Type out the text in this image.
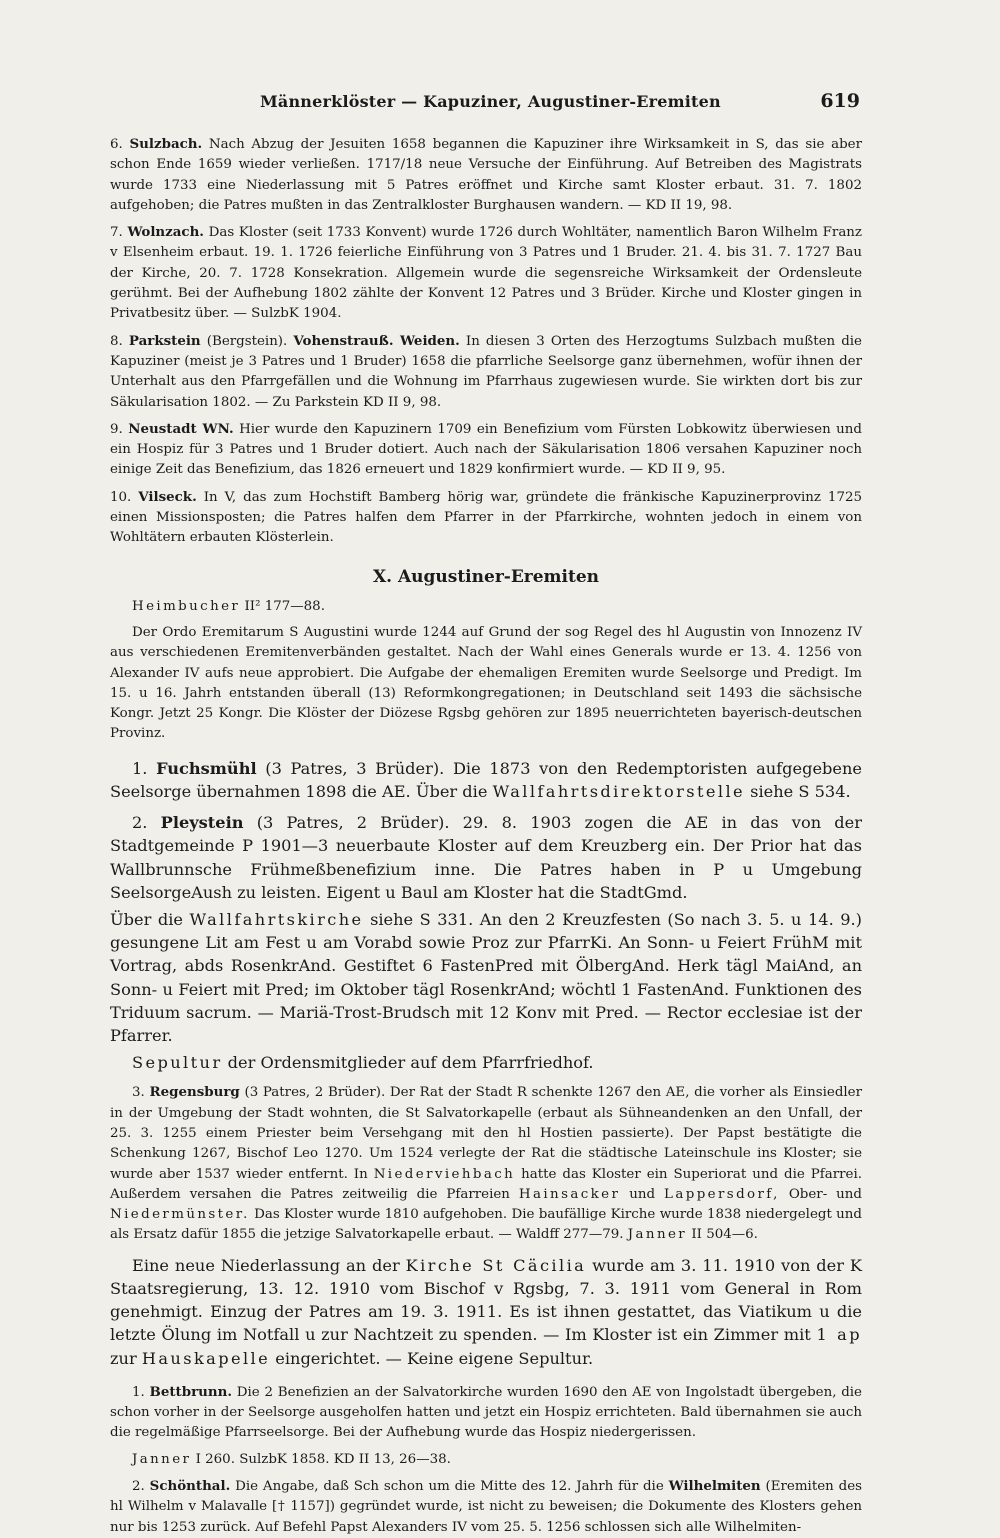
Männerklöster — Kapuziner, Augustiner-Eremiten	619

6. Sulzbach. Nach Abzug der Jesuiten 1658 begannen die Kapuziner ihre Wirksamkeit in S, das sie aber schon Ende 1659 wieder verließen. 1717/18 neue Versuche der Einführung. Auf Betreiben des Magistrats wurde 1733 eine Niederlassung mit 5 Patres eröffnet und Kirche samt Kloster erbaut. 31. 7. 1802 aufgehoben; die Patres mußten in das Zentralkloster Burghausen wandern. — KD II 19, 98.

7. Wolnzach. Das Kloster (seit 1733 Konvent) wurde 1726 durch Wohltäter, namentlich Baron Wilhelm Franz v Elsenheim erbaut. 19. 1. 1726 feierliche Einführung von 3 Patres und 1 Bruder. 21. 4. bis 31. 7. 1727 Bau der Kirche, 20. 7. 1728 Konsekration. Allgemein wurde die segensreiche Wirksamkeit der Ordensleute gerühmt. Bei der Aufhebung 1802 zählte der Konvent 12 Patres und 3 Brüder. Kirche und Kloster gingen in Privatbesitz über. — SulzbK 1904.

8. Parkstein (Bergstein). Vohenstrauß. Weiden. In diesen 3 Orten des Herzogtums Sulzbach mußten die Kapuziner (meist je 3 Patres und 1 Bruder) 1658 die pfarrliche Seelsorge ganz übernehmen, wofür ihnen der Unterhalt aus den Pfarrgefällen und die Wohnung im Pfarrhaus zugewiesen wurde. Sie wirkten dort bis zur Säkularisation 1802. — Zu Parkstein KD II 9, 98.

9. Neustadt WN. Hier wurde den Kapuzinern 1709 ein Benefizium vom Fürsten Lobkowitz überwiesen und ein Hospiz für 3 Patres und 1 Bruder dotiert. Auch nach der Säkularisation 1806 versahen Kapuziner noch einige Zeit das Benefizium, das 1826 erneuert und 1829 konfirmiert wurde. — KD II 9, 95.

10. Vilseck. In V, das zum Hochstift Bamberg hörig war, gründete die fränkische Kapuzinerprovinz 1725 einen Missionsposten; die Patres halfen dem Pfarrer in der Pfarrkirche, wohnten jedoch in einem von Wohltätern erbauten Klösterlein.

X. Augustiner-Eremiten

Heimbucher II² 177—88.

Der Ordo Eremitarum S Augustini wurde 1244 auf Grund der sog Regel des hl Augustin von Innozenz IV aus verschiedenen Eremitenverbänden gestaltet. Nach der Wahl eines Generals wurde er 13. 4. 1256 von Alexander IV aufs neue approbiert. Die Aufgabe der ehemaligen Eremiten wurde Seelsorge und Predigt. Im 15. u 16. Jahrh entstanden überall (13) Reformkongregationen; in Deutschland seit 1493 die sächsische Kongr. Jetzt 25 Kongr. Die Klöster der Diözese Rgsbg gehören zur 1895 neuerrichteten bayerisch-deutschen Provinz.

1. Fuchsmühl (3 Patres, 3 Brüder). Die 1873 von den Redemptoristen aufgegebene Seelsorge übernahmen 1898 die AE. Über die Wallfahrtsdirektorstelle siehe S 534.

2. Pleystein (3 Patres, 2 Brüder). 29. 8. 1903 zogen die AE in das von der Stadtgemeinde P 1901—3 neuerbaute Kloster auf dem Kreuzberg ein. Der Prior hat das Wallbrunnsche Frühmeßbenefizium inne. Die Patres haben in P u Umgebung SeelsorgeAush zu leisten. Eigent u Baul am Kloster hat die StadtGmd.

Über die Wallfahrtskirche siehe S 331. An den 2 Kreuzfesten (So nach 3. 5. u 14. 9.) gesungene Lit am Fest u am Vorabd sowie Proz zur PfarrKi. An Sonn- u Feiert FrühM mit Vortrag, abds RosenkrAnd. Gestiftet 6 FastenPred mit ÖlbergAnd. Herk tägl MaiAnd, an Sonn- u Feiert mit Pred; im Oktober tägl RosenkrAnd; wöchtl 1 FastenAnd. Funktionen des Triduum sacrum. — Mariä-Trost-Brudsch mit 12 Konv mit Pred. — Rector ecclesiae ist der Pfarrer.

Sepultur der Ordensmitglieder auf dem Pfarrfriedhof.

3. Regensburg (3 Patres, 2 Brüder). Der Rat der Stadt R schenkte 1267 den AE, die vorher als Einsiedler in der Umgebung der Stadt wohnten, die St Salvatorkapelle (erbaut als Sühneandenken an den Unfall, der 25. 3. 1255 einem Priester beim Versehgang mit den hl Hostien passierte). Der Papst bestätigte die Schenkung 1267, Bischof Leo 1270. Um 1524 verlegte der Rat die städtische Lateinschule ins Kloster; sie wurde aber 1537 wieder entfernt. In Niederviehbach hatte das Kloster ein Superiorat und die Pfarrei. Außerdem versahen die Patres zeitweilig die Pfarreien Hainsacker und Lappersdorf, Ober- und Niedermünster. Das Kloster wurde 1810 aufgehoben. Die baufällige Kirche wurde 1838 niedergelegt und als Ersatz dafür 1855 die jetzige Salvatorkapelle erbaut. — Waldff 277—79. Janner II 504—6.

Eine neue Niederlassung an der Kirche St Cäcilia wurde am 3. 11. 1910 von der K Staatsregierung, 13. 12. 1910 vom Bischof v Rgsbg, 7. 3. 1911 vom General in Rom genehmigt. Einzug der Patres am 19. 3. 1911. Es ist ihnen gestattet, das Viatikum u die letzte Ölung im Notfall u zur Nachtzeit zu spenden. — Im Kloster ist ein Zimmer mit 1 ap zur Hauskapelle eingerichtet. — Keine eigene Sepultur.

1. Bettbrunn. Die 2 Benefizien an der Salvatorkirche wurden 1690 den AE von Ingolstadt übergeben, die schon vorher in der Seelsorge ausgeholfen hatten und jetzt ein Hospiz errichteten. Bald übernahmen sie auch die regelmäßige Pfarrseelsorge. Bei der Aufhebung wurde das Hospiz niedergerissen.

Janner I 260. SulzbK 1858. KD II 13, 26—38.

2. Schönthal. Die Angabe, daß Sch schon um die Mitte des 12. Jahrh für die Wilhelmiten (Eremiten des hl Wilhelm v Malavalle [† 1157]) gegründet wurde, ist nicht zu beweisen; die Dokumente des Klosters gehen nur bis 1253 zurück. Auf Befehl Papst Alexanders IV vom 25. 5. 1256 schlossen sich alle Wilhelmiten-
